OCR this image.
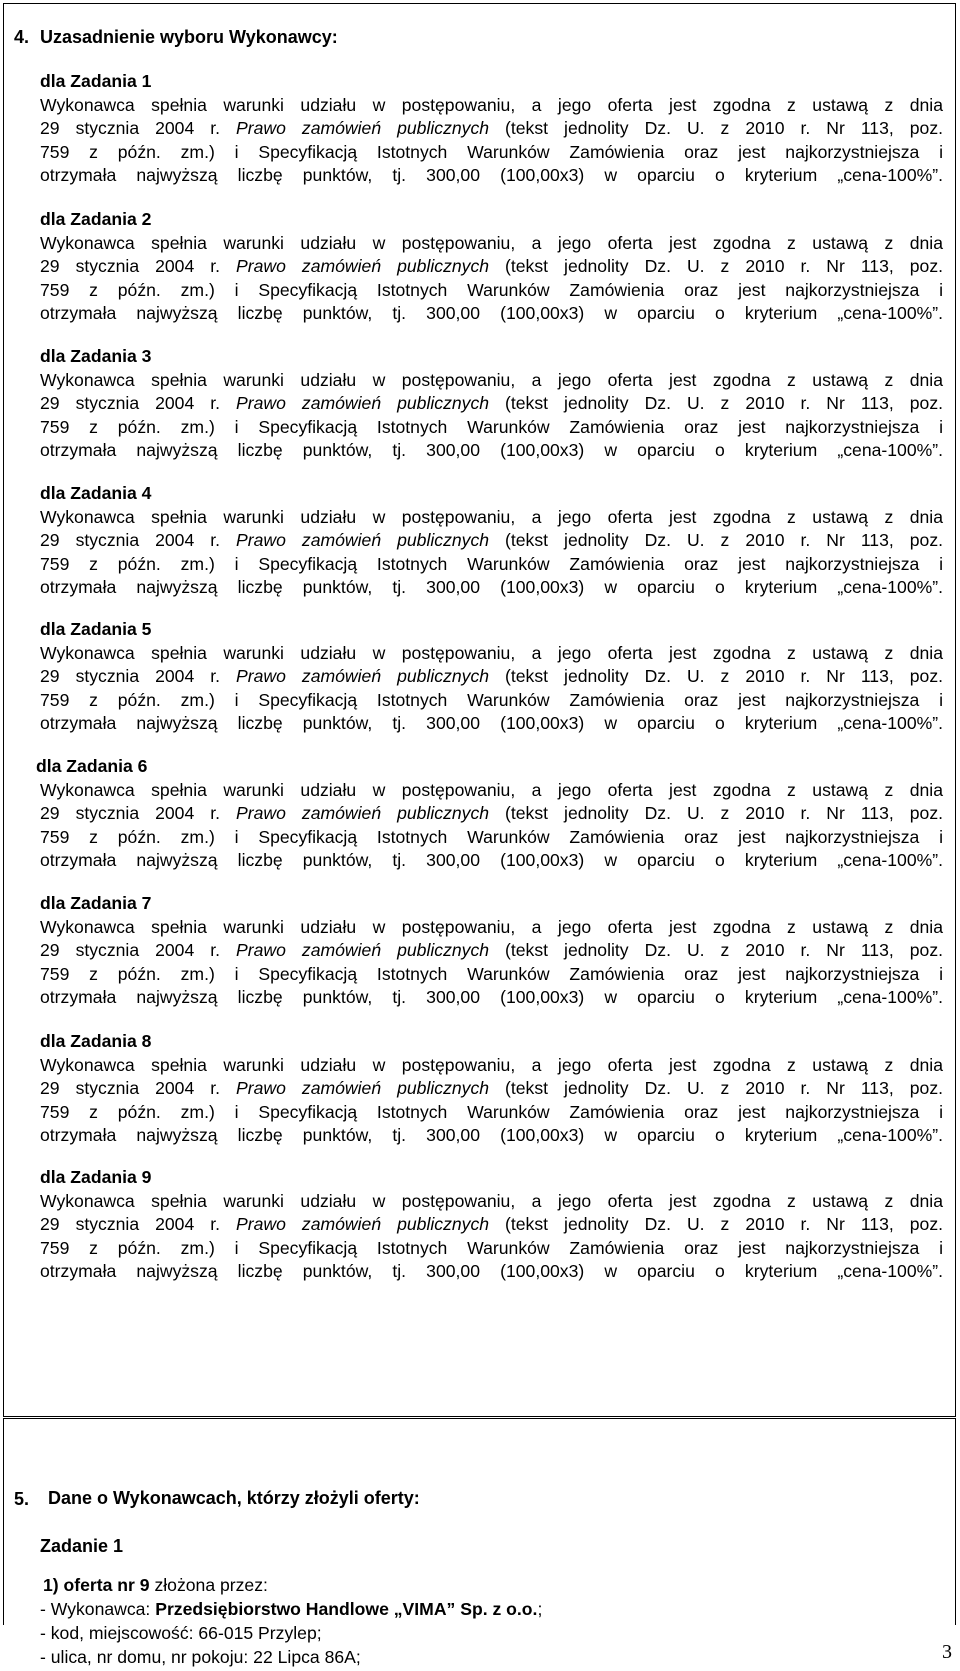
4. Uzasadnienie wyboru Wykonawcy:
dla Zadania 1
Wykonawca spełnia warunki udziału w postępowaniu, a jego oferta jest zgodna z ustawą z dnia
29 stycznia 2004 r. Prawo zamówień publicznych (tekst jednolity Dz. U. z 2010 r. Nr 113, poz.
759 z późn. zm.) i Specyfikacją Istotnych Warunków Zamówienia oraz jest najkorzystniejsza i
otrzymała najwyższą liczbę punktów, tj. 300,00 (100,00x3) w oparciu o kryterium „cena-100%”.
dla Zadania 2
Wykonawca spełnia warunki udziału w postępowaniu, a jego oferta jest zgodna z ustawą z dnia
29 stycznia 2004 r. Prawo zamówień publicznych (tekst jednolity Dz. U. z 2010 r. Nr 113, poz.
759 z późn. zm.) i Specyfikacją Istotnych Warunków Zamówienia oraz jest najkorzystniejsza i
otrzymała najwyższą liczbę punktów, tj. 300,00 (100,00x3) w oparciu o kryterium „cena-100%”.
dla Zadania 3
Wykonawca spełnia warunki udziału w postępowaniu, a jego oferta jest zgodna z ustawą z dnia
29 stycznia 2004 r. Prawo zamówień publicznych (tekst jednolity Dz. U. z 2010 r. Nr 113, poz.
759 z późn. zm.) i Specyfikacją Istotnych Warunków Zamówienia oraz jest najkorzystniejsza i
otrzymała najwyższą liczbę punktów, tj. 300,00 (100,00x3) w oparciu o kryterium „cena-100%”.
dla Zadania 4
Wykonawca spełnia warunki udziału w postępowaniu, a jego oferta jest zgodna z ustawą z dnia
29 stycznia 2004 r. Prawo zamówień publicznych (tekst jednolity Dz. U. z 2010 r. Nr 113, poz.
759 z późn. zm.) i Specyfikacją Istotnych Warunków Zamówienia oraz jest najkorzystniejsza i
otrzymała najwyższą liczbę punktów, tj. 300,00 (100,00x3) w oparciu o kryterium „cena-100%”.
dla Zadania 5
Wykonawca spełnia warunki udziału w postępowaniu, a jego oferta jest zgodna z ustawą z dnia
29 stycznia 2004 r. Prawo zamówień publicznych (tekst jednolity Dz. U. z 2010 r. Nr 113, poz.
759 z późn. zm.) i Specyfikacją Istotnych Warunków Zamówienia oraz jest najkorzystniejsza i
otrzymała najwyższą liczbę punktów, tj. 300,00 (100,00x3) w oparciu o kryterium „cena-100%”.
dla Zadania 6
Wykonawca spełnia warunki udziału w postępowaniu, a jego oferta jest zgodna z ustawą z dnia
29 stycznia 2004 r. Prawo zamówień publicznych (tekst jednolity Dz. U. z 2010 r. Nr 113, poz.
759 z późn. zm.) i Specyfikacją Istotnych Warunków Zamówienia oraz jest najkorzystniejsza i
otrzymała najwyższą liczbę punktów, tj. 300,00 (100,00x3) w oparciu o kryterium „cena-100%”.
dla Zadania 7
Wykonawca spełnia warunki udziału w postępowaniu, a jego oferta jest zgodna z ustawą z dnia
29 stycznia 2004 r. Prawo zamówień publicznych (tekst jednolity Dz. U. z 2010 r. Nr 113, poz.
759 z późn. zm.) i Specyfikacją Istotnych Warunków Zamówienia oraz jest najkorzystniejsza i
otrzymała najwyższą liczbę punktów, tj. 300,00 (100,00x3) w oparciu o kryterium „cena-100%”.
dla Zadania 8
Wykonawca spełnia warunki udziału w postępowaniu, a jego oferta jest zgodna z ustawą z dnia
29 stycznia 2004 r. Prawo zamówień publicznych (tekst jednolity Dz. U. z 2010 r. Nr 113, poz.
759 z późn. zm.) i Specyfikacją Istotnych Warunków Zamówienia oraz jest najkorzystniejsza i
otrzymała najwyższą liczbę punktów, tj. 300,00 (100,00x3) w oparciu o kryterium „cena-100%”.
dla Zadania 9
Wykonawca spełnia warunki udziału w postępowaniu, a jego oferta jest zgodna z ustawą z dnia
29 stycznia 2004 r. Prawo zamówień publicznych (tekst jednolity Dz. U. z 2010 r. Nr 113, poz.
759 z późn. zm.) i Specyfikacją Istotnych Warunków Zamówienia oraz jest najkorzystniejsza i
otrzymała najwyższą liczbę punktów, tj. 300,00 (100,00x3) w oparciu o kryterium „cena-100%”.
5. Dane o Wykonawcach, którzy złożyli oferty:
Zadanie 1
1) oferta nr 9 złożona przez:
- Wykonawca: Przedsiębiorstwo Handlowe „VIMA” Sp. z o.o.;
- kod, miejscowość: 66-015 Przylep;
- ulica, nr domu, nr pokoju: 22 Lipca 86A;	3
